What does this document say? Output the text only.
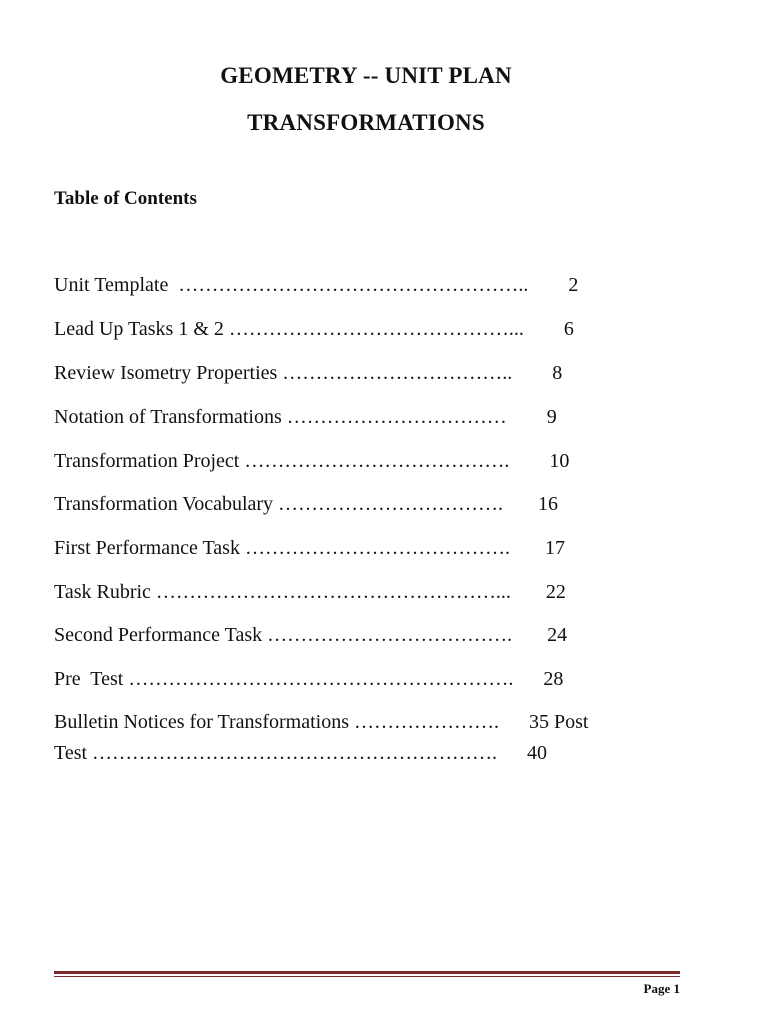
GEOMETRY -- UNIT PLAN
TRANSFORMATIONS
Table of Contents
Unit Template  ……………………………………………..        2
Lead Up Tasks 1 & 2 ……………………………………...        6
Review Isometry Properties ……………………………..        8
Notation of Transformations ……………………………        9
Transformation Project ………………………………….        10
Transformation Vocabulary …………………………….       16
First Performance Task ………………………………….       17
Task Rubric ……………………………………………...       22
Second Performance Task ……………………………….       24
Pre  Test ………………………………………………….      28
Bulletin Notices for Transformations ………………….      35 Post
Test …………………………………………………….      40
Page 1
